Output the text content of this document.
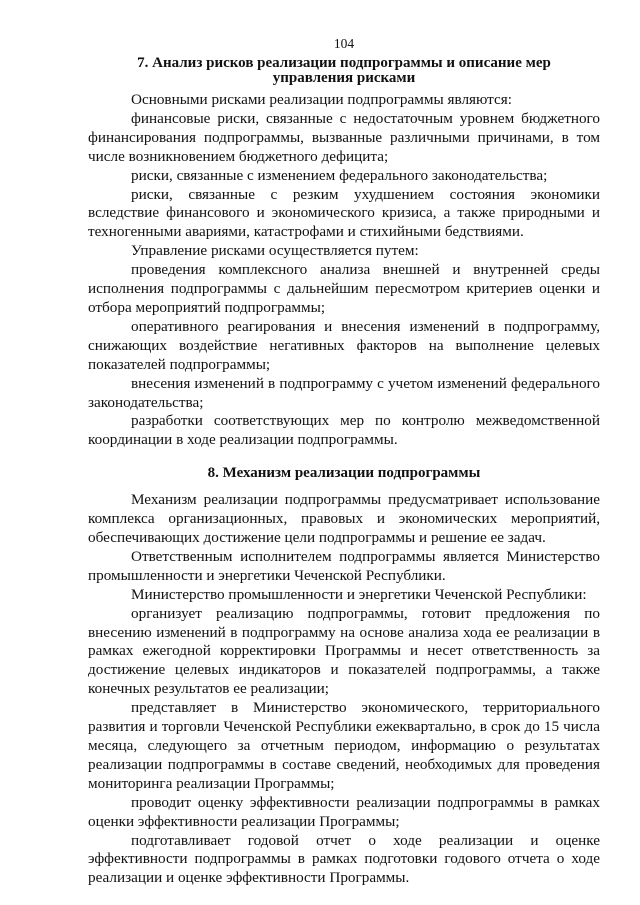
104
7. Анализ рисков реализации подпрограммы и описание мер
управления рисками

Основными рисками реализации подпрограммы являются:

финансовые риски, связанные с недостаточным уровнем бюджетного финансирования подпрограммы, вызванные различными причинами, в том числе возникновением бюджетного дефицита;

риски, связанные с изменением федерального законодательства;

риски, связанные с резким ухудшением состояния экономики вследствие финансового и экономического кризиса, а также природными и техногенными авариями, катастрофами и стихийными бедствиями.

Управление рисками осуществляется путем:

проведения комплексного анализа внешней и внутренней среды исполнения подпрограммы с дальнейшим пересмотром критериев оценки и отбора мероприятий подпрограммы;

оперативного реагирования и внесения изменений в подпрограмму, снижающих воздействие негативных факторов на выполнение целевых показателей подпрограммы;

внесения изменений в подпрограмму с учетом изменений федерального законодательства;

разработки соответствующих мер по контролю межведомственной координации в ходе реализации подпрограммы.

8. Механизм реализации подпрограммы

Механизм реализации подпрограммы предусматривает использование комплекса организационных, правовых и экономических мероприятий, обеспечивающих достижение цели подпрограммы и решение ее задач.

Ответственным исполнителем подпрограммы является Министерство промышленности и энергетики Чеченской Республики.

Министерство промышленности и энергетики Чеченской Республики:

организует реализацию подпрограммы, готовит предложения по внесению изменений в подпрограмму на основе анализа хода ее реализации в рамках ежегодной корректировки Программы и несет ответственность за достижение целевых индикаторов и показателей подпрограммы, а также конечных результатов ее реализации;

представляет в Министерство экономического, территориального развития и торговли Чеченской Республики ежеквартально, в срок до 15 числа месяца, следующего за отчетным периодом, информацию о результатах реализации подпрограммы в составе сведений, необходимых для проведения мониторинга реализации Программы;

проводит оценку эффективности реализации подпрограммы в рамках оценки эффективности реализации Программы;

подготавливает годовой отчет о ходе реализации и оценке эффективности подпрограммы в рамках подготовки годового отчета о ходе реализации и оценке эффективности Программы.
